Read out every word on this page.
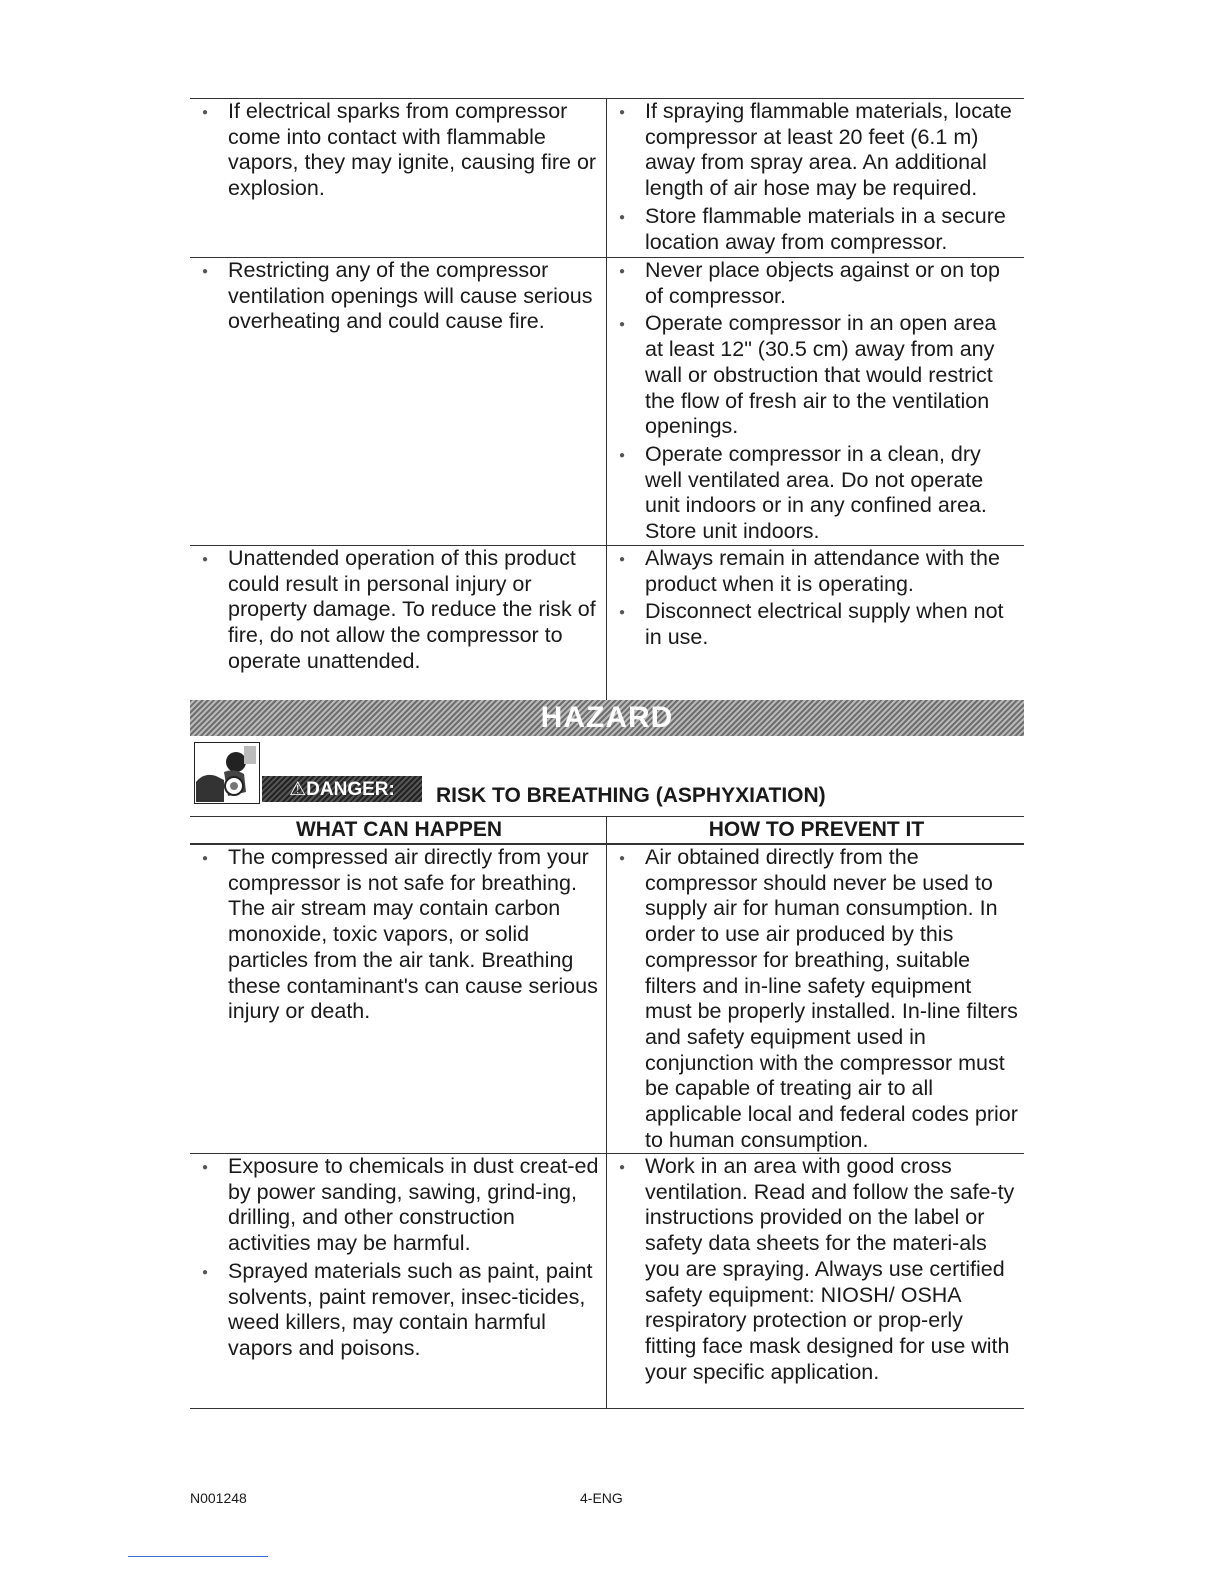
● If electrical sparks from compressor come into contact with flammable vapors, they may ignite, causing fire or explosion.
● If spraying flammable materials, locate compressor at least 20 feet (6.1 m) away from spray area. An additional length of air hose may be required.
● Store flammable materials in a secure location away from compressor.
● Restricting any of the compressor ventilation openings will cause serious overheating and could cause fire.
● Never place objects against or on top of compressor.
● Operate compressor in an open area at least 12" (30.5 cm) away from any wall or obstruction that would restrict the flow of fresh air to the ventilation openings.
● Operate compressor in a clean, dry well ventilated area. Do not operate unit indoors or in any confined area. Store unit indoors.
● Unattended operation of this product could result in personal injury or property damage. To reduce the risk of fire, do not allow the compressor to operate unattended.
● Always remain in attendance with the product when it is operating.
● Disconnect electrical supply when not in use.
HAZARD
⚠DANGER: RISK TO BREATHING (ASPHYXIATION)
WHAT CAN HAPPEN	HOW TO PREVENT IT
● The compressed air directly from your compressor is not safe for breathing. The air stream may contain carbon monoxide, toxic vapors, or solid particles from the air tank. Breathing these contaminant's can cause serious injury or death.
● Air obtained directly from the compressor should never be used to supply air for human consumption. In order to use air produced by this compressor for breathing, suitable filters and in-line safety equipment must be properly installed. In-line filters and safety equipment used in conjunction with the compressor must be capable of treating air to all applicable local and federal codes prior to human consumption.
● Exposure to chemicals in dust creat-ed by power sanding, sawing, grind-ing, drilling, and other construction activities may be harmful.
● Sprayed materials such as paint, paint solvents, paint remover, insec-ticides, weed killers, may contain harmful vapors and poisons.
● Work in an area with good cross ventilation. Read and follow the safe-ty instructions provided on the label or safety data sheets for the materi-als you are spraying. Always use certified safety equipment: NIOSH/ OSHA respiratory protection or prop-erly fitting face mask designed for use with your specific application.
N001248	4-ENG
